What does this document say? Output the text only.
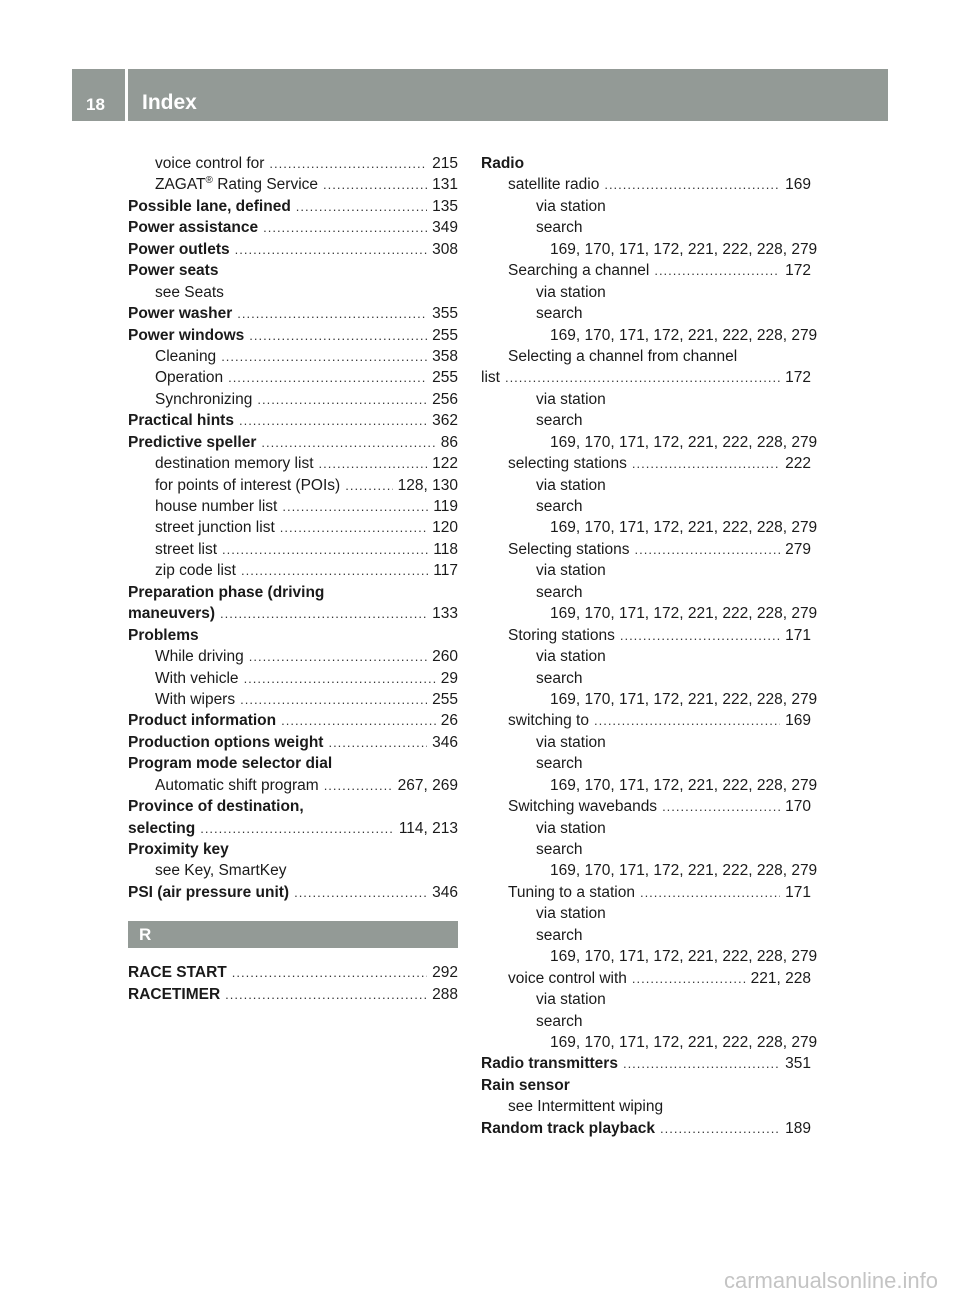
18 Index
voice control for .....	215
ZAGAT® Rating Service .....	131
Possible lane, defined .....	135
Power assistance .....	349
Power outlets .....	308
Power seats
see Seats
Power washer .....	355
Power windows .....	255
Cleaning .....	358
Operation .....	255
Synchronizing .....	256
Practical hints .....	362
Predictive speller .....	86
destination memory list .....	122
for points of interest (POIs) .....	128, 130
house number list .....	119
street junction list .....	120
street list .....	118
zip code list .....	117
Preparation phase (driving
maneuvers) .....	133
Problems
While driving .....	260
With vehicle .....	29
With wipers .....	255
Product information .....	26
Production options weight .....	346
Program mode selector dial
Automatic shift program .....	267, 269
Province of destination,
selecting .....	114, 213
Proximity key
see Key, SmartKey
PSI (air pressure unit) .....	346
R
RACE START .....	292
RACETIMER .....	288
Radio
satellite radio .....	169
via station
search
169, 170, 171, 172, 221, 222, 228, 279
Searching a channel .....	172
via station
search
169, 170, 171, 172, 221, 222, 228, 279
Selecting a channel from channel
list .....	172
via station
search
169, 170, 171, 172, 221, 222, 228, 279
selecting stations .....	222
via station
search
169, 170, 171, 172, 221, 222, 228, 279
Selecting stations .....	279
via station
search
169, 170, 171, 172, 221, 222, 228, 279
Storing stations .....	171
via station
search
169, 170, 171, 172, 221, 222, 228, 279
switching to .....	169
via station
search
169, 170, 171, 172, 221, 222, 228, 279
Switching wavebands .....	170
via station
search
169, 170, 171, 172, 221, 222, 228, 279
Tuning to a station .....	171
via station
search
169, 170, 171, 172, 221, 222, 228, 279
voice control with .....	221, 228
via station
search
169, 170, 171, 172, 221, 222, 228, 279
Radio transmitters .....	351
Rain sensor
see Intermittent wiping
Random track playback .....	189
carmanualsonline.info
